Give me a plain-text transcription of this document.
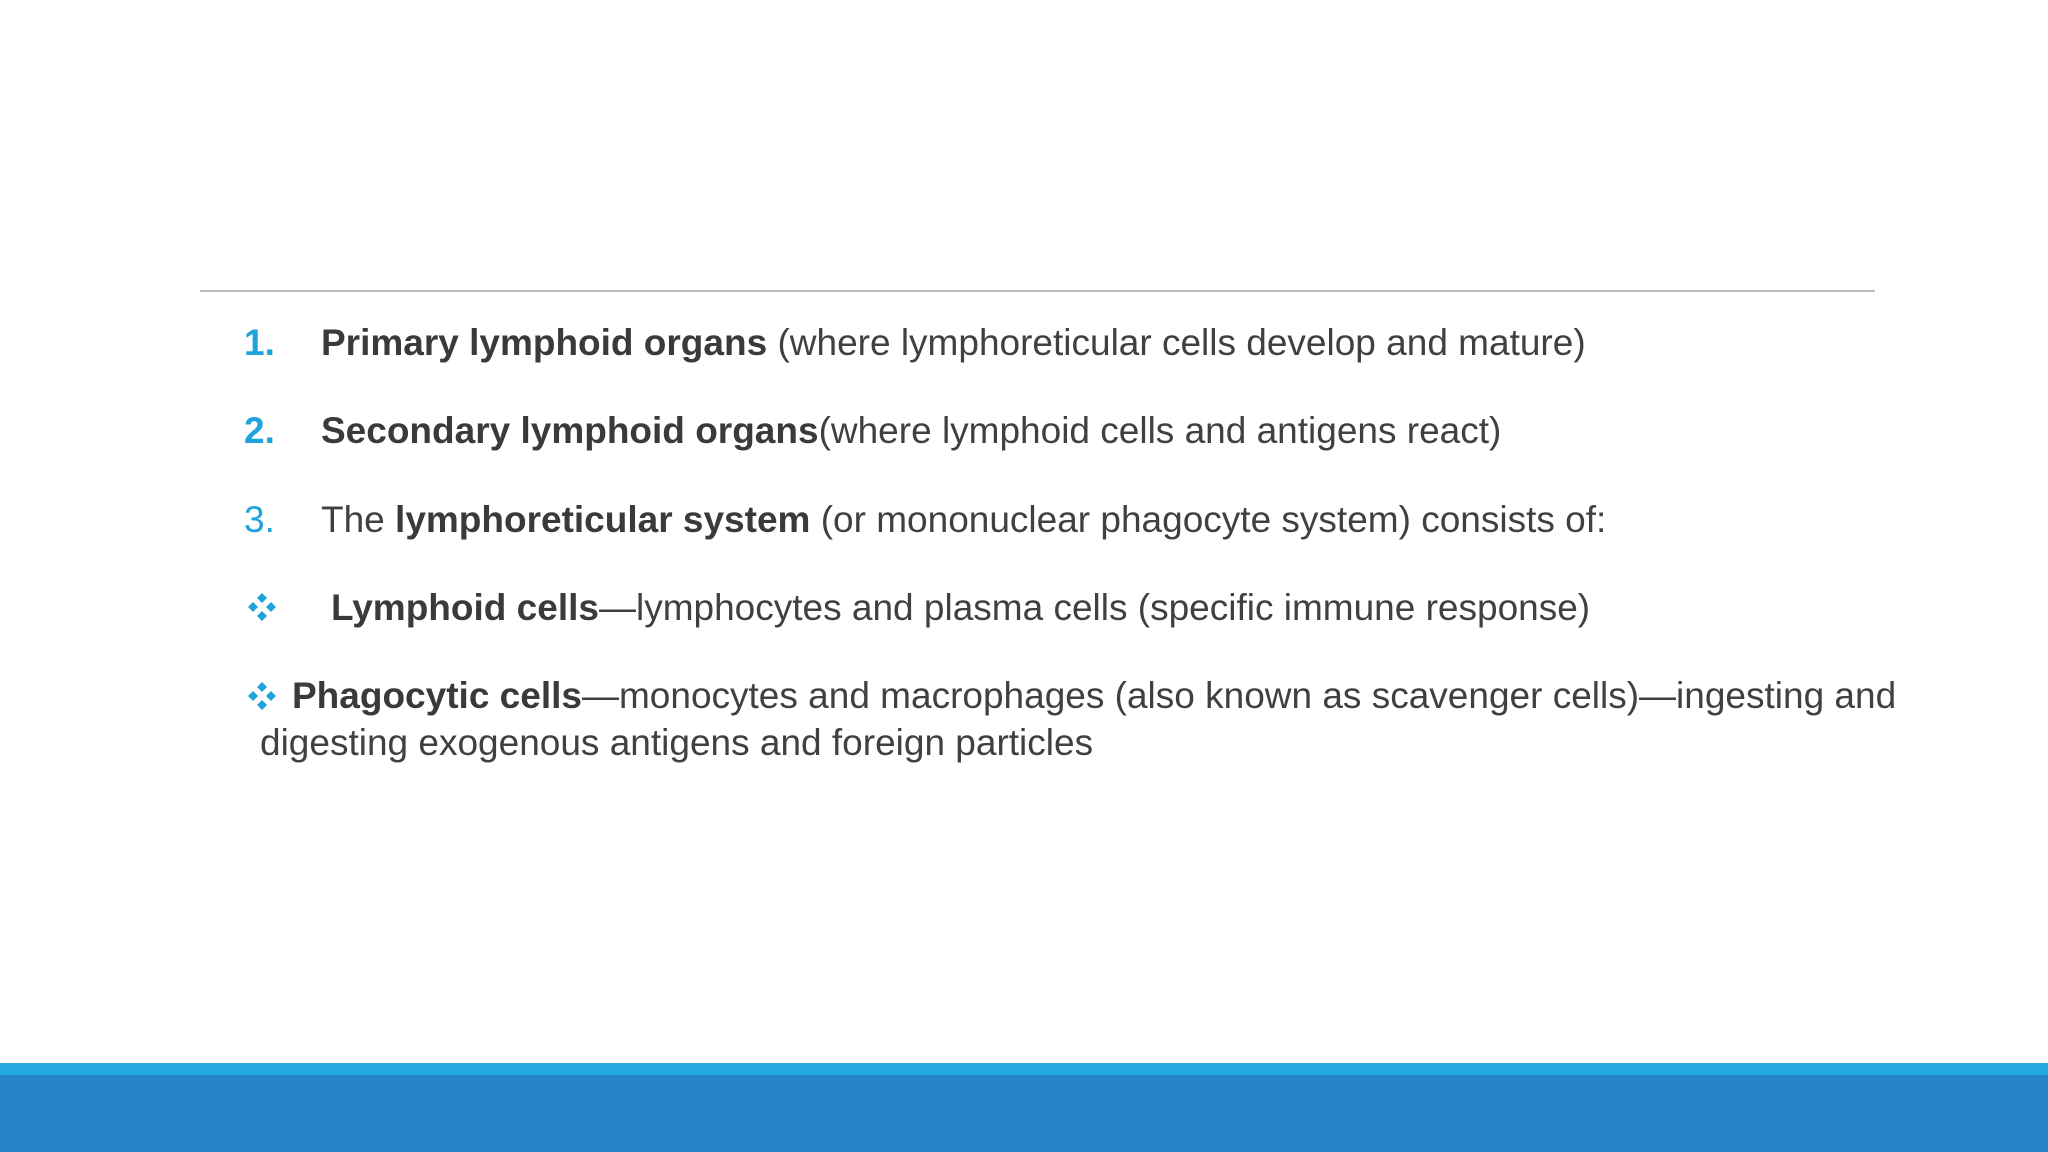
1. Primary lymphoid organs (where lymphoreticular cells develop and mature)
2. Secondary lymphoid organs(where lymphoid cells and antigens react)
3. The lymphoreticular system (or mononuclear phagocyte system) consists of:
Lymphoid cells—lymphocytes and plasma cells (specific immune response)
Phagocytic cells—monocytes and macrophages (also known as scavenger cells)—ingesting and
digesting exogenous antigens and foreign particles
